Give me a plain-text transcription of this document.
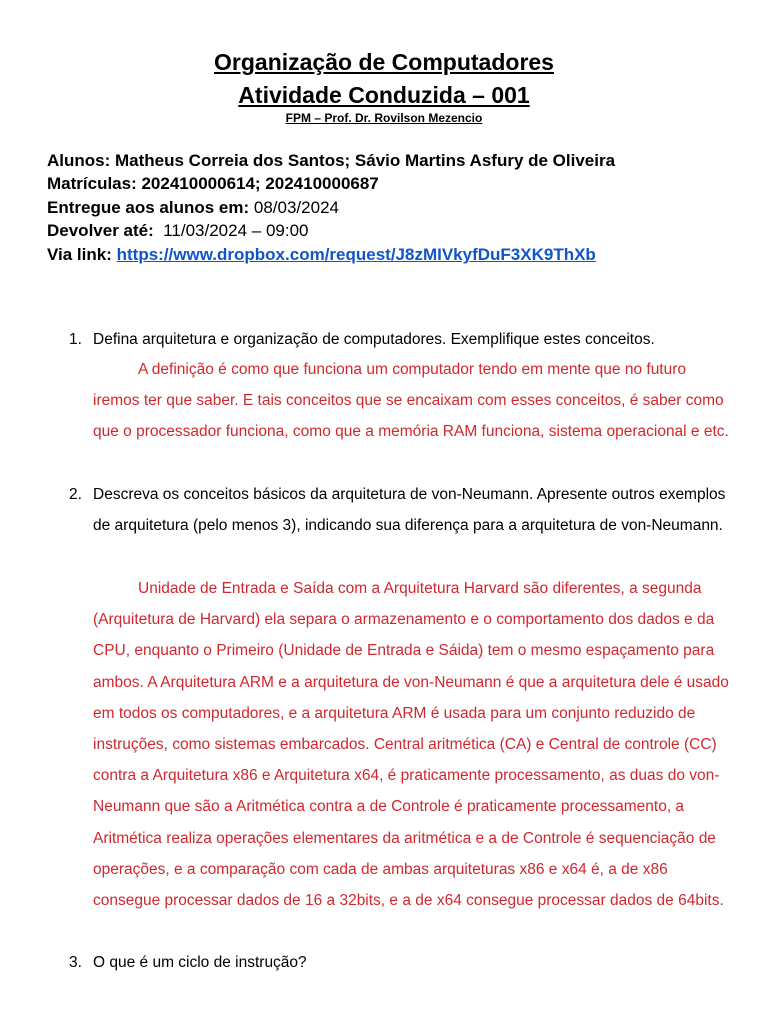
Organização de Computadores
Atividade Conduzida – 001
FPM – Prof. Dr. Rovilson Mezencio
Alunos: Matheus Correia dos Santos; Sávio Martins Asfury de Oliveira
Matrículas: 202410000614; 202410000687
Entregue aos alunos em: 08/03/2024
Devolver até:  11/03/2024 – 09:00
Via link: https://www.dropbox.com/request/J8zMIVkyfDuF3XK9ThXb
1. Defina arquitetura e organização de computadores. Exemplifique estes conceitos.

A definição é como que funciona um computador tendo em mente que no futuro iremos ter que saber. E tais conceitos que se encaixam com esses conceitos, é saber como que o processador funciona, como que a memória RAM funciona, sistema operacional e etc.

2. Descreva os conceitos básicos da arquitetura de von-Neumann. Apresente outros exemplos de arquitetura (pelo menos 3), indicando sua diferença para a arquitetura de von-Neumann.

Unidade de Entrada e Saída com a Arquitetura Harvard são diferentes, a segunda (Arquitetura de Harvard) ela separa o armazenamento e o comportamento dos dados e da CPU, enquanto o Primeiro (Unidade de Entrada e Sáida) tem o mesmo espaçamento para ambos. A Arquitetura ARM e a arquitetura de von-Neumann é que a arquitetura dele é usado em todos os computadores, e a arquitetura ARM é usada para um conjunto reduzido de instruções, como sistemas embarcados. Central aritmética (CA) e Central de controle (CC) contra a Arquitetura x86 e Arquitetura x64, é praticamente processamento, as duas do von-Neumann que são a Aritmética contra a de Controle é praticamente processamento, a Aritmética realiza operações elementares da aritmética e a de Controle é sequenciação de operações, e a comparação com cada de ambas arquiteturas x86 e x64 é, a de x86 consegue processar dados de 16 a 32bits, e a de x64 consegue processar dados de 64bits.

3. O que é um ciclo de instrução?
